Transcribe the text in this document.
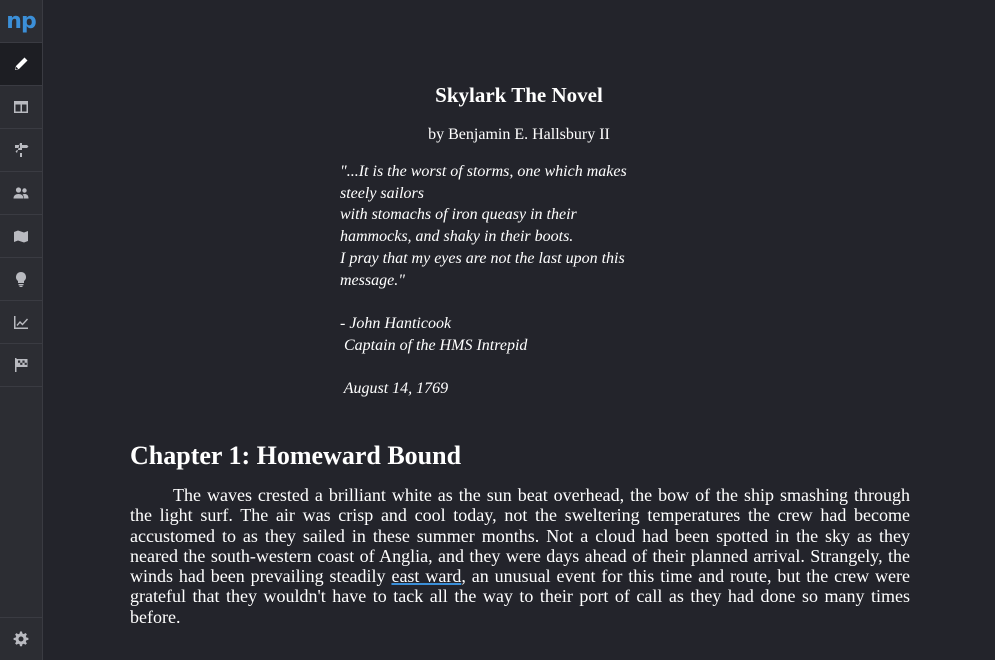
np
Skylark The Novel
by Benjamin E. Hallsbury II
"...It is the worst of storms, one which makes
steely sailors
with stomachs of iron queasy in their
hammocks, and shaky in their boots.
I pray that my eyes are not the last upon this
message."
- John Hanticook
Captain of the HMS Intrepid
August 14, 1769
Chapter 1: Homeward Bound
The waves crested a brilliant white as the sun beat overhead, the bow of the ship smashing through the light surf. The air was crisp and cool today, not the sweltering temperatures the crew had become accustomed to as they sailed in these summer months. Not a cloud had been spotted in the sky as they neared the south-western coast of Anglia, and they were days ahead of their planned arrival. Strangely, the winds had been prevailing steadily east ward, an unusual event for this time and route, but the crew were grateful that they wouldn't have to tack all the way to their port of call as they had done so many times before.
